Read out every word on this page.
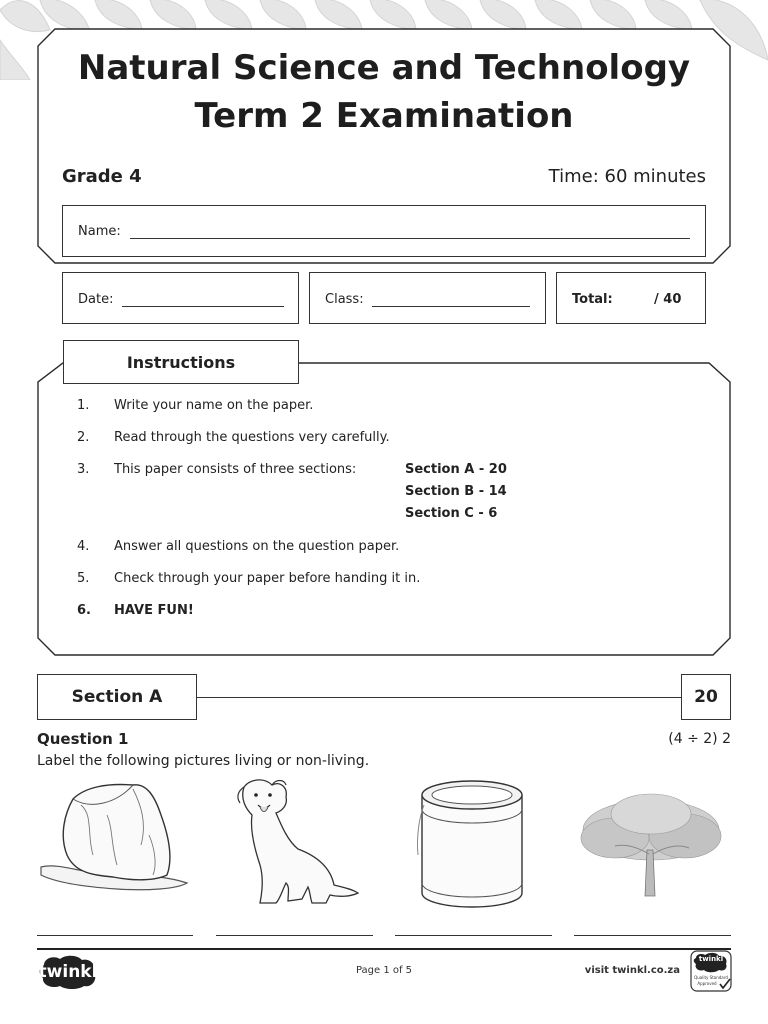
Natural Science and Technology
Term 2 Examination
Grade 4	Time: 60 minutes
Name:
Date:	Class:	Total:	/ 40
Instructions
1. Write your name on the paper.
2. Read through the questions very carefully.
3. This paper consists of three sections:	Section A - 20
Section B - 14
Section C - 6
4. Answer all questions on the question paper.
5. Check through your paper before handing it in.
6. HAVE FUN!
Section A	20
Question 1	(4 ÷ 2) 2
Label the following pictures living or non-living.
twinkl	Page 1 of 5	visit twinkl.co.za
twinkl
Quality Standard
Approved
